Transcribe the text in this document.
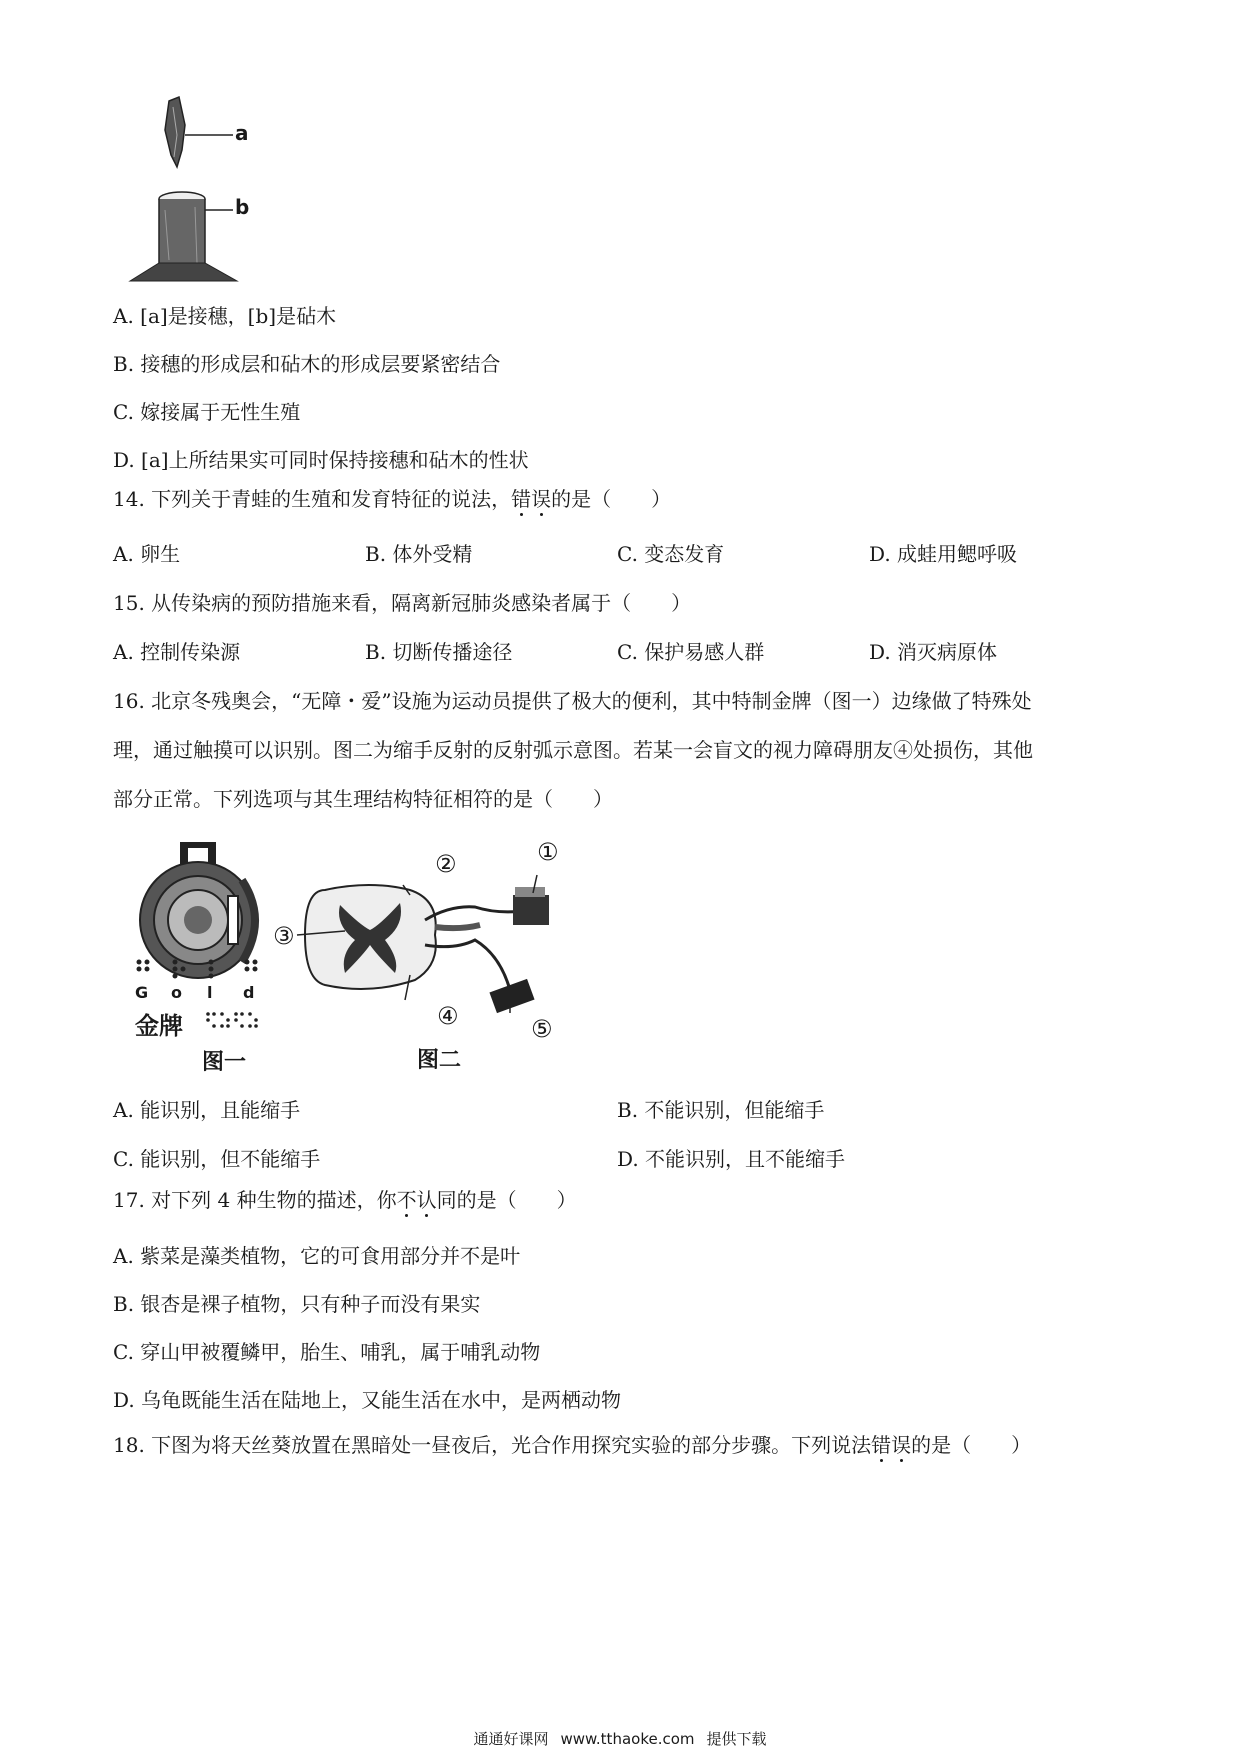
a
b
A. [a]是接穗，[b]是砧木
B. 接穗的形成层和砧木的形成层要紧密结合
C. 嫁接属于无性生殖
D. [a]上所结果实可同时保持接穗和砧木的性状
14. 下列关于青蛙的生殖和发育特征的说法，错误的是（　　）
A. 卵生	B. 体外受精	C. 变态发育	D. 成蛙用鳃呼吸
15. 从传染病的预防措施来看，隔离新冠肺炎感染者属于（　　）
A. 控制传染源	B. 切断传播途径	C. 保护易感人群	D. 消灭病原体
16. 北京冬残奥会，“无障・爱”设施为运动员提供了极大的便利，其中特制金牌（图一）边缘做了特殊处
理，通过触摸可以识别。图二为缩手反射的反射弧示意图。若某一会盲文的视力障碍朋友④处损伤，其他
部分正常。下列选项与其生理结构特征相符的是（　　）
G o l d
金牌
图一
①
②
③
④	⑤
图二
A. 能识别，且能缩手	B. 不能识别，但能缩手
C. 能识别，但不能缩手	D. 不能识别，且不能缩手
17. 对下列 4 种生物的描述，你不认同的是（　　）
A. 紫菜是藻类植物，它的可食用部分并不是叶
B. 银杏是裸子植物，只有种子而没有果实
C. 穿山甲被覆鳞甲，胎生、哺乳，属于哺乳动物
D. 乌龟既能生活在陆地上，又能生活在水中，是两栖动物
18. 下图为将天丝葵放置在黑暗处一昼夜后，光合作用探究实验的部分步骤。下列说法错误的是（　　）
通通好课网 www.tthaoke.com 提供下载
